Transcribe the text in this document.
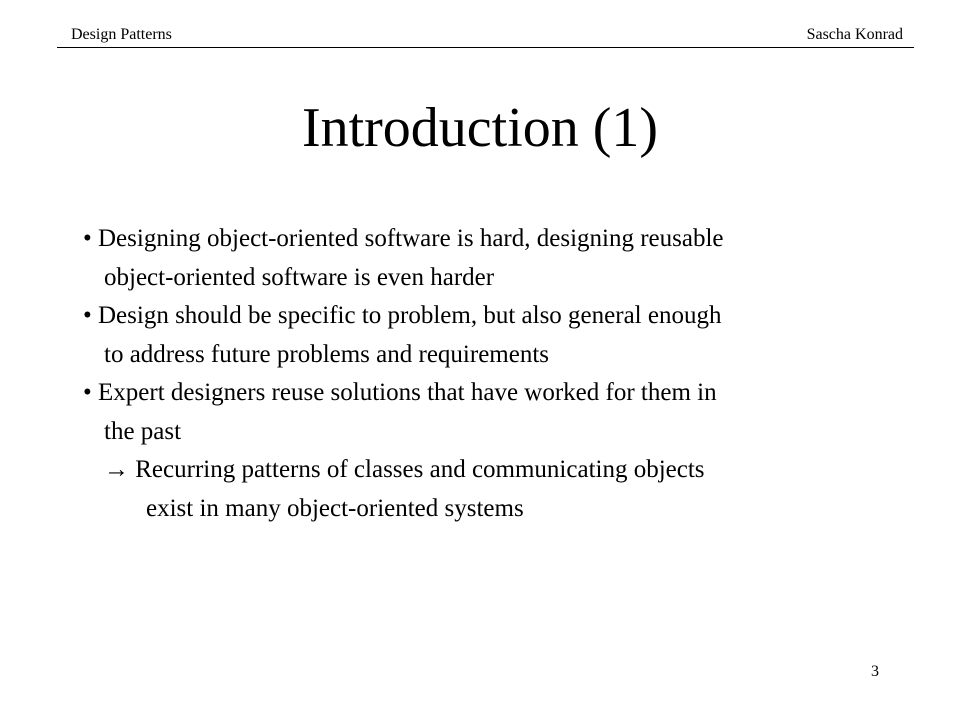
Design Patterns	Sascha Konrad
Introduction (1)
• Designing object-oriented software is hard, designing reusable
object-oriented software is even harder
• Design should be specific to problem, but also general enough
to address future problems and requirements
• Expert designers reuse solutions that have worked for them in
the past
→ Recurring patterns of classes and communicating objects
exist in many object-oriented systems
3
